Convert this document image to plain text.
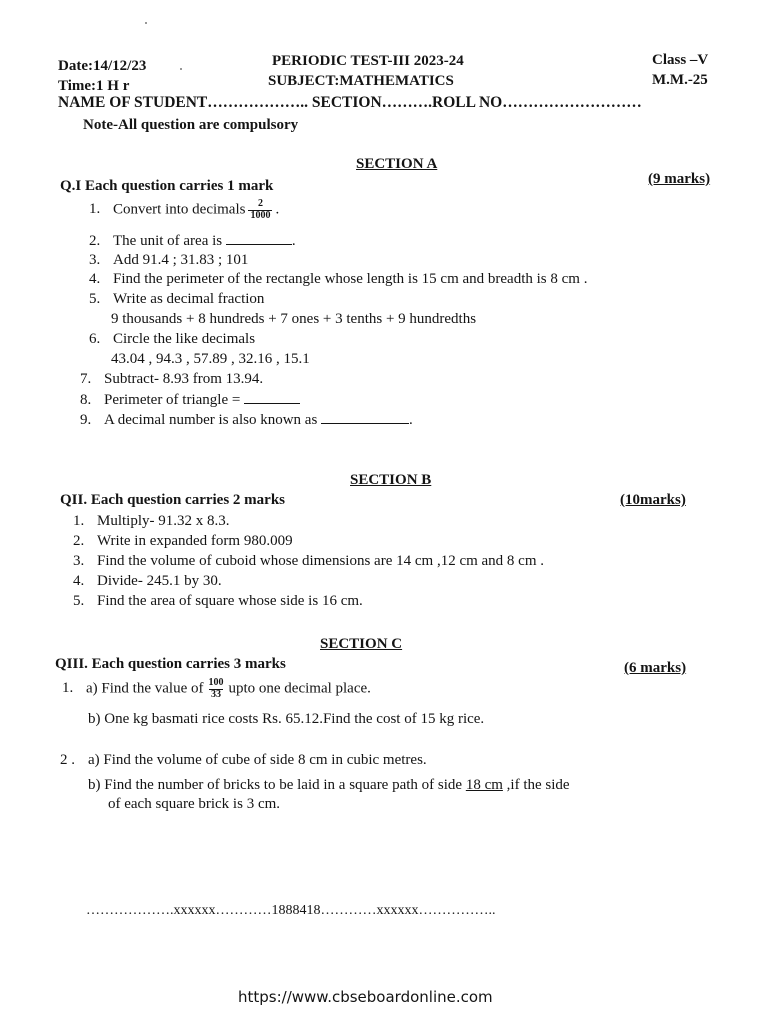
Date:14/12/23
Time:1 H r
PERIODIC TEST-III 2023-24
SUBJECT:MATHEMATICS
Class –V
M.M.-25
NAME OF STUDENT……………….. SECTION……….ROLL NO………………………
Note-All question are compulsory
SECTION A
Q.I Each question carries 1 mark	(9 marks)
1. Convert into decimals $\frac{2}{1000}$ .
2. The unit of area is	.
3. Add 91.4 ; 31.83 ; 101
4. Find the perimeter of the rectangle whose length is 15 cm and breadth is 8 cm .
5. Write as decimal fraction
9 thousands + 8 hundreds + 7 ones + 3 tenths + 9 hundredths
6. Circle the like decimals
43.04 , 94.3 , 57.89 , 32.16 , 15.1
7. Subtract- 8.93 from 13.94.
8. Perimeter of triangle =
9. A decimal number is also known as	.
SECTION B
QII. Each question carries 2 marks	(10marks)
1. Multiply- 91.32 x 8.3.
2. Write in expanded form 980.009
3. Find the volume of cuboid whose dimensions are 14 cm ,12 cm and 8 cm .
4. Divide- 245.1 by 30.
5. Find the area of square whose side is 16 cm.
SECTION C
QIII. Each question carries 3 marks	(6 marks)
1. a) Find the value of $\frac{100}{33}$ upto one decimal place.
b) One kg basmati rice costs Rs. 65.12.Find the cost of 15 kg rice.
2 . a) Find the volume of cube of side 8 cm in cubic metres.
b) Find the number of bricks to be laid in a square path of side 18 cm ,if the side
of each square brick is 3 cm.
……………….xxxxxx…………1888418…………xxxxxx……………..
https://www.cbseboardonline.com
